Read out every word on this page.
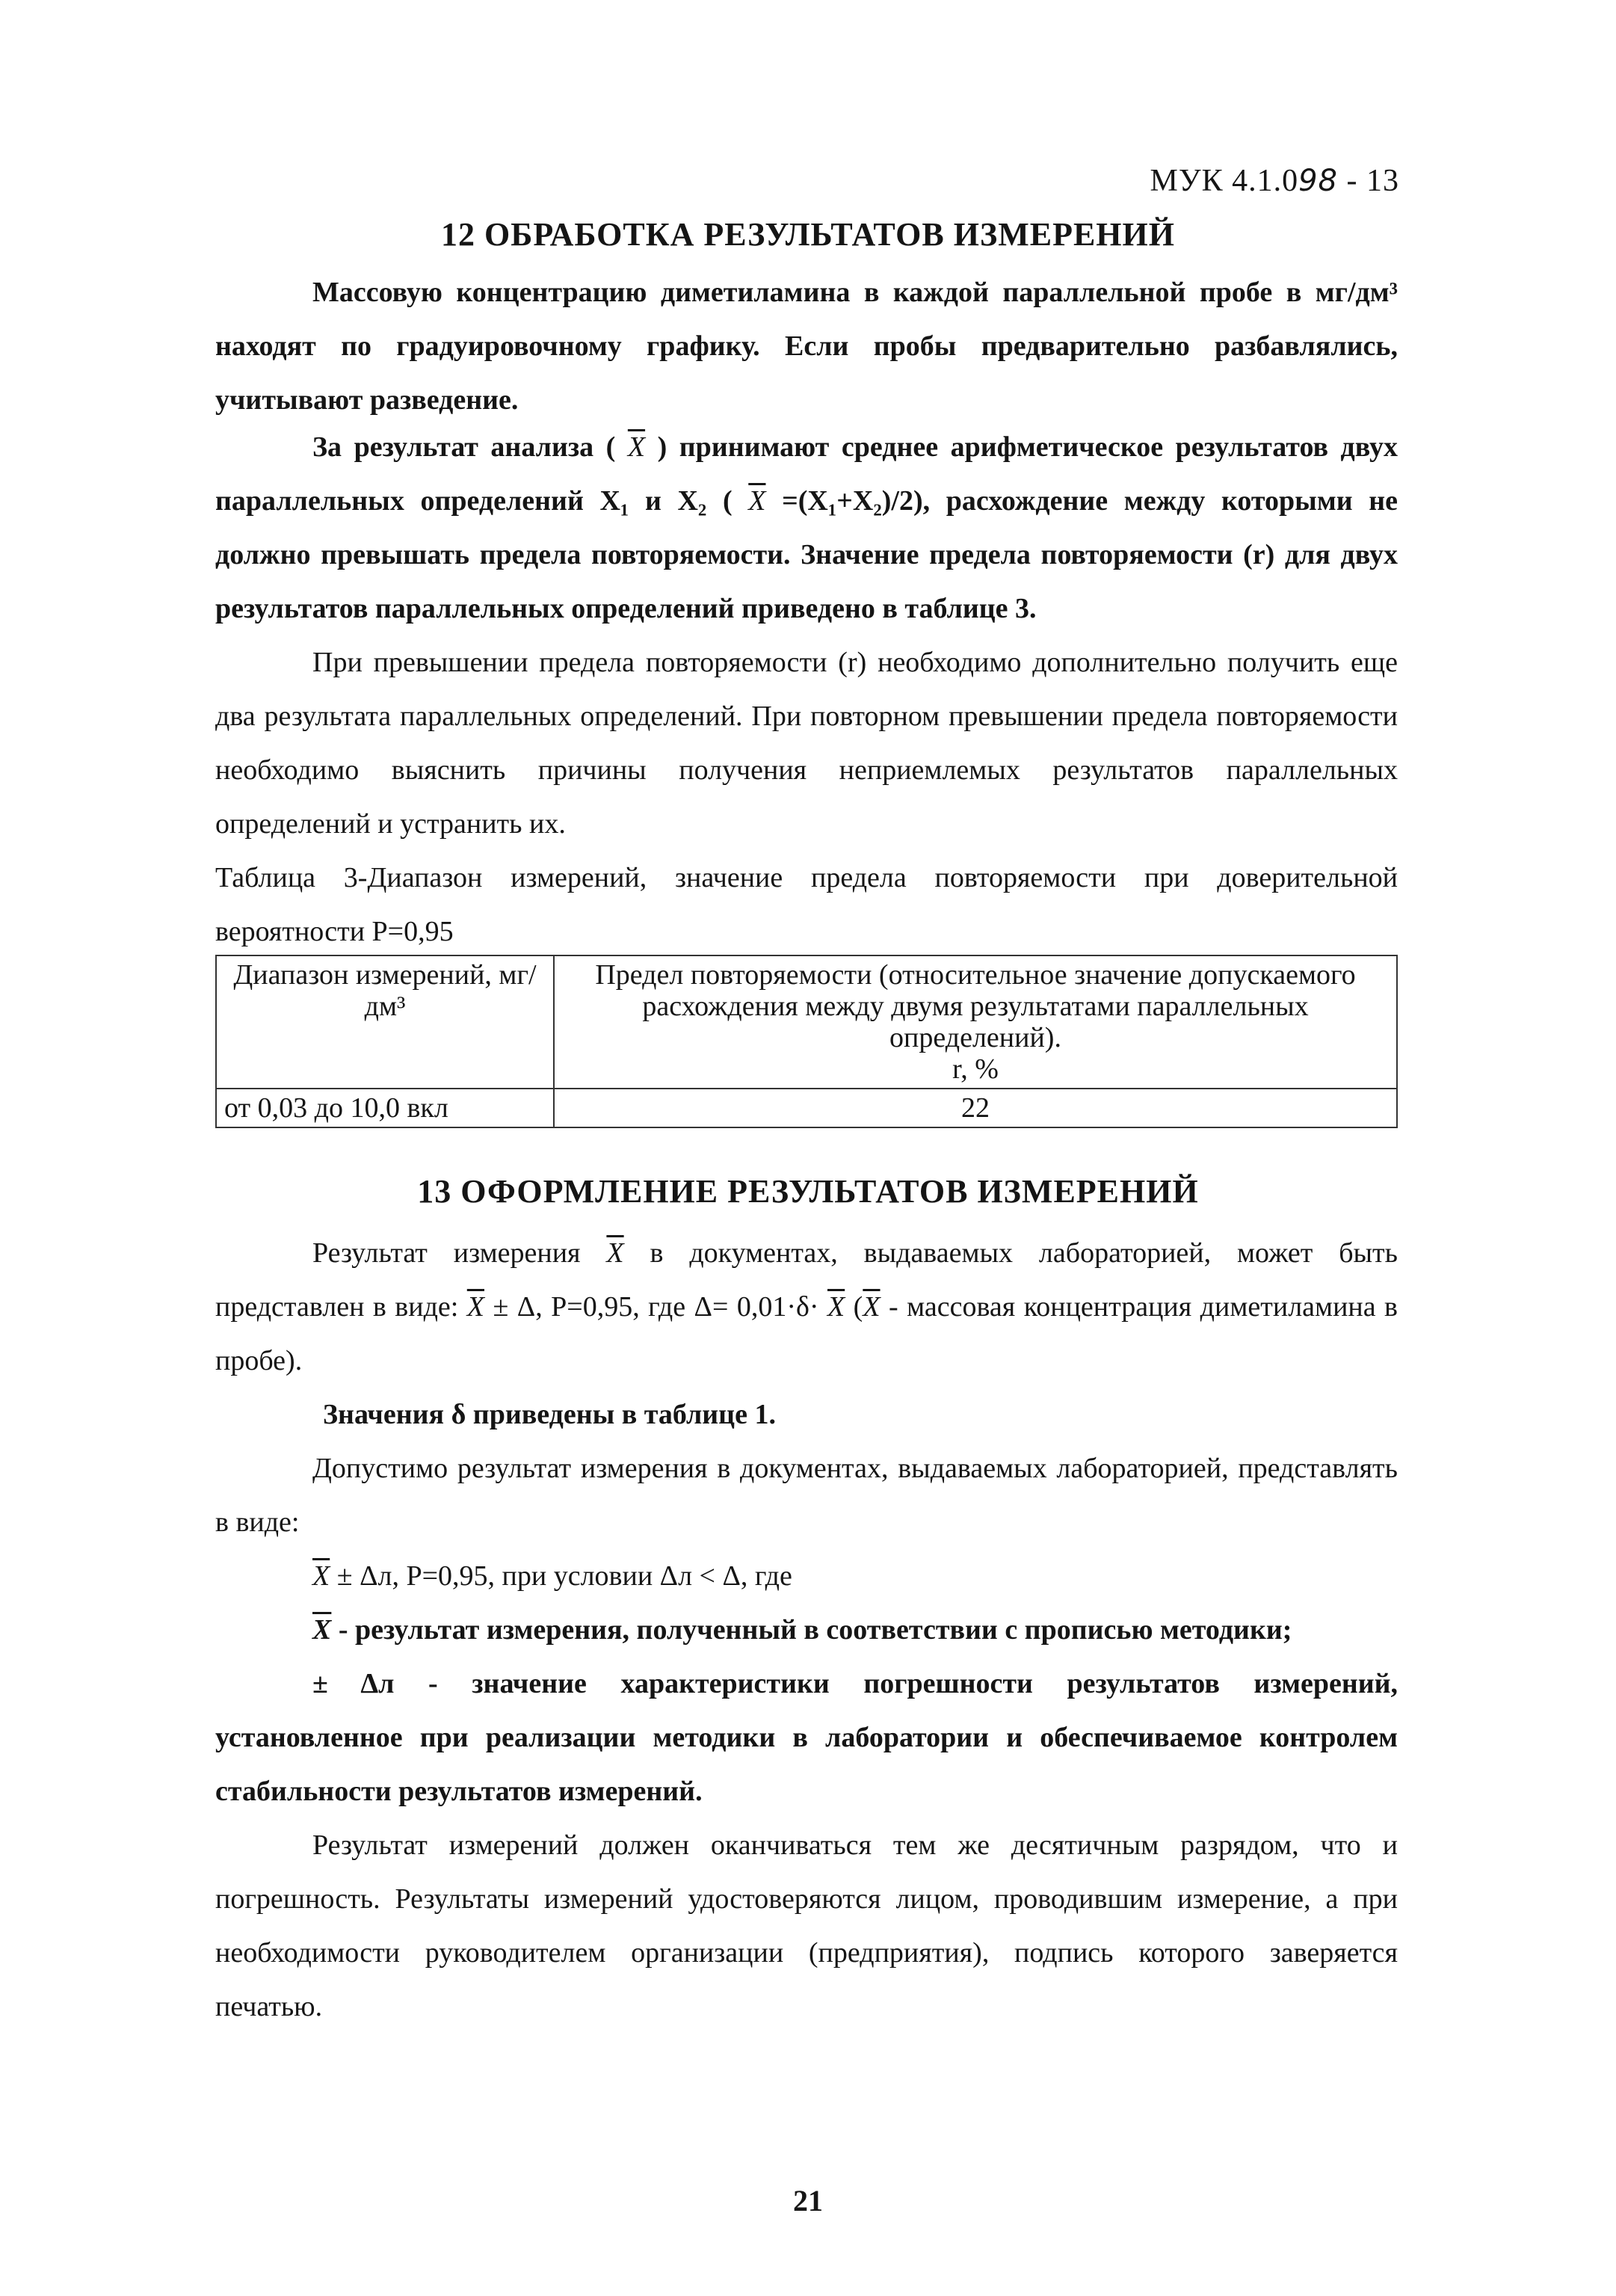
МУК 4.1.098 - 13
12 ОБРАБОТКА РЕЗУЛЬТАТОВ ИЗМЕРЕНИЙ
Массовую концентрацию диметиламина в каждой параллельной пробе в мг/дм³ находят по градуировочному графику. Если пробы предварительно разбавлялись, учитывают разведение.
За результат анализа ( $\overline{X}$ ) принимают среднее арифметическое результатов двух параллельных определений X₁ и X₂ ( $\overline{X} =(X_1+X_2)/2$), расхождение между которыми не должно превышать предела повторяемости. Значение предела повторяемости (r) для двух результатов параллельных определений приведено в таблице 3.
При превышении предела повторяемости (r) необходимо дополнительно получить еще два результата параллельных определений. При повторном превышении предела повторяемости необходимо выяснить причины получения неприемлемых результатов параллельных определений и устранить их.
Таблица 3-Диапазон измерений, значение предела повторяемости при доверительной вероятности P=0,95
Диапазон измерений, мг/дм³	Предел повторяемости (относительное значение допускаемого расхождения между двумя результатами параллельных определений).
r, %
от 0,03 до 10,0 вкл	22
13 ОФОРМЛЕНИЕ РЕЗУЛЬТАТОВ ИЗМЕРЕНИЙ
Результат измерения $\overline{X}$ в документах, выдаваемых лабораторией, может быть представлен в виде: $\overline{X} \pm \Delta$, P=0,95, где $\Delta= 0,01\cdot\delta\cdot \overline{X}$ ($\overline{X}$ - массовая концентрация диметиламина в пробе).
Значения δ приведены в таблице 1.
Допустимо результат измерения в документах, выдаваемых лабораторией, представлять в виде:
$\overline{X} \pm \Delta л$, P=0,95, при условии Δл < Δ, где
$\overline{X}$ - результат измерения, полученный в соответствии с прописью методики;
± Δл - значение характеристики погрешности результатов измерений, установленное при реализации методики в лаборатории и обеспечиваемое контролем стабильности результатов измерений.
Результат измерений должен оканчиваться тем же десятичным разрядом, что и погрешность. Результаты измерений удостоверяются лицом, проводившим измерение, а при необходимости руководителем организации (предприятия), подпись которого заверяется печатью.
21
